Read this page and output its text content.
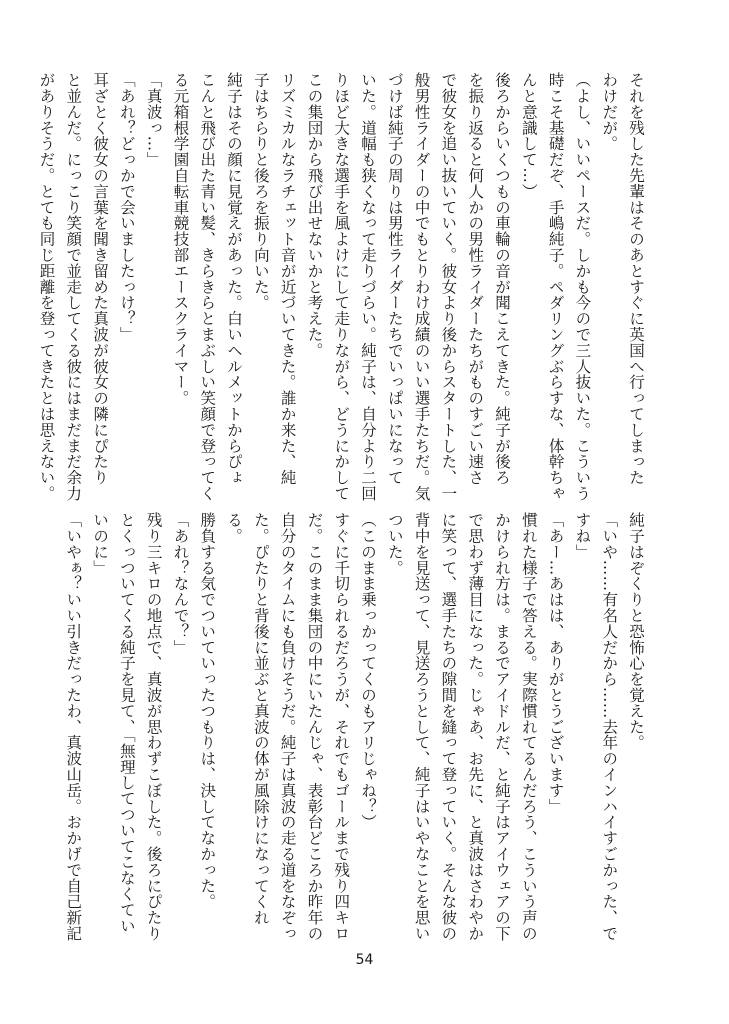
それを残した先輩はそのあとすぐに英国へ行ってしまった
わけだが。
（よし、いいペースだ。しかも今ので三人抜いた。こういう
時こそ基礎だぞ、手嶋純子。ペダリングぶらすな、体幹ちゃ
んと意識して…）
後ろからいくつもの車輪の音が聞こえてきた。純子が後ろ
を振り返ると何人かの男性ライダーたちがものすごい速さ
で彼女を追い抜いていく。彼女より後からスタートした、一
般男性ライダーの中でもとりわけ成績のいい選手たちだ。気
づけば純子の周りは男性ライダーたちでいっぱいになって
いた。道幅も狭くなって走りづらい。純子は、自分より二回
りほど大きな選手を風よけにして走りながら、どうにかして
この集団から飛び出せないかと考えた。
リズミカルなラチェット音が近づいてきた。誰か来た、純
子はちらりと後ろを振り向いた。
純子はその顔に見覚えがあった。白いヘルメットからぴょ
こんと飛び出た青い髪、きらきらとまぶしい笑顔で登ってく
る元箱根学園自転車競技部エースクライマー。
「真波っ…」
「あれ？どっかで会いましたっけ？」
耳ざとく彼女の言葉を聞き留めた真波が彼女の隣にぴたり
と並んだ。にっこり笑顔で並走してくる彼にはまだまだ余力
がありそうだ。とても同じ距離を登ってきたとは思えない。
純子はぞくりと恐怖心を覚えた。
「いや……有名人だから……去年のインハイすごかった、で
すね」
「あー…あはは、ありがとうございます」
慣れた様子で答える。実際慣れてるんだろう、こういう声の
かけられ方は。まるでアイドルだ、と純子はアイウェアの下
で思わず薄目になった。じゃあ、お先に、と真波はさわやか
に笑って、選手たちの隙間を縫って登っていく。そんな彼の
背中を見送って、見送ろうとして、純子はいやなことを思い
ついた。
（このまま乗っかってくのもアリじゃね？）
すぐに千切られるだろうが、それでもゴールまで残り四キロ
だ。このまま集団の中にいたんじゃ、表彰台どころか昨年の
自分のタイムにも負けそうだ。純子は真波の走る道をなぞっ
た。ぴたりと背後に並ぶと真波の体が風除けになってくれ
る。
勝負する気でついていったつもりは、決してなかった。
「あれ？なんで？」
残り三キロの地点で、真波が思わずこぼした。後ろにぴたり
とくっついてくる純子を見て、「無理してついてこなくてい
いのに」
「いやぁ？いい引きだったわ、真波山岳。おかげで自己新記
54
